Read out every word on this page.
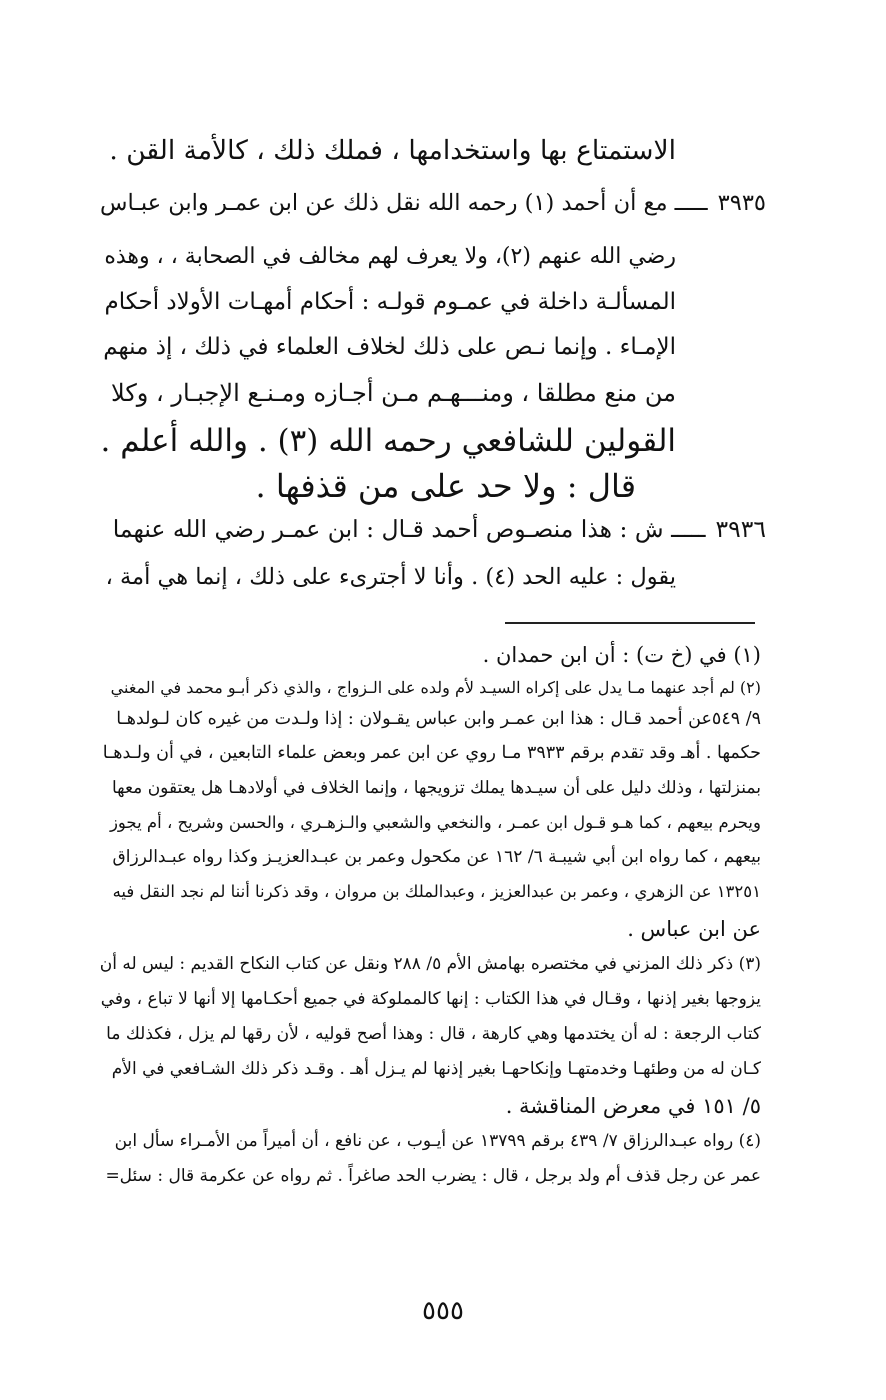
الاستمتاع بها واستخدامها ، فملك ذلك ، كالأمة القن .
٣٩٣٥ـــــ مع أن أحمد (١) رحمه الله نقل ذلك عن ابن عمـر وابن عبـاس
رضي الله عنهم (٢)، ولا يعرف لهم مخالف في الصحابة ، ، وهذه
المسألـة داخلة في عمـوم قولـه : أحكام أمهـات الأولاد أحكام
الإمـاء . وإنما نـص على ذلك لخلاف العلماء في ذلك ، إذ منهم
من منع مطلقا ، ومنـــهـم مـن أجـازه ومـنـع الإجبـار ، وكلا
القولين للشافعي رحمه الله (٣) . والله أعلم .
قال : ولا حد على من قذفها .
٣٩٣٦ـــــ ش : هذا منصـوص أحمد قـال : ابن عمـر رضي الله عنهما
يقول : عليه الحد (٤) . وأنا لا أجترىء على ذلك ، إنما هي أمة ،
(١) في (خ ت) : أن ابن حمدان .
(٢) لم أجد عنهما مـا يدل على إكراه السيـد لأم ولده على الـزواج ، والذي ذكر أبـو محمد في المغني
٩/ ٥٤٩عن أحمد قـال : هذا ابن عمـر وابن عباس يقـولان : إذا ولـدت من غيره كان لـولدهـا
حكمها . أهـ وقد تقدم برقم ٣٩٣٣ مـا روي عن ابن عمر وبعض علماء التابعين ، في أن ولـدهـا
بمنزلتها ، وذلك دليل على أن سيـدها يملك تزويجها ، وإنما الخلاف في أولادهـا هل يعتقون معها
ويحرم بيعهم ، كما هـو قـول ابن عمـر ، والنخعي والشعبي والـزهـري ، والحسن وشريح ، أم يجوز
بيعهم ، كما رواه ابن أبي شيبـة ٦/ ١٦٢ عن مكحول وعمر بن عبـدالعزيـز وكذا رواه عبـدالرزاق
١٣٢٥١ عن الزهري ، وعمر بن عبدالعزيز ، وعبدالملك بن مروان ، وقد ذكرنا أننا لم نجد النقل فيه
عن ابن عباس .
(٣) ذكر ذلك المزني في مختصره بهامش الأم ٥/ ٢٨٨ ونقل عن كتاب النكاح القديم : ليس له أن
يزوجها بغير إذنها ، وقـال في هذا الكتاب : إنها كالمملوكة في جميع أحكـامها إلا أنها لا تباع ، وفي
كتاب الرجعة : له أن يختدمها وهي كارهة ، قال : وهذا أصح قوليه ، لأن رقها لم يزل ، فكذلك ما
كـان له من وطئهـا وخدمتهـا وإنكاحهـا بغير إذنها لم يـزل أهـ . وقـد ذكر ذلك الشـافعي في الأم
٥/ ١٥١ في معرض المناقشة .
(٤) رواه عبـدالرزاق ٧/ ٤٣٩ برقم ١٣٧٩٩ عن أيـوب ، عن نافع ، أن أميراً من الأمـراء سأل ابن
عمر عن رجل قذف أم ولد برجل ، قال : يضرب الحد صاغراً . ثم رواه عن عكرمة قال : سئل=
٥٥٥
